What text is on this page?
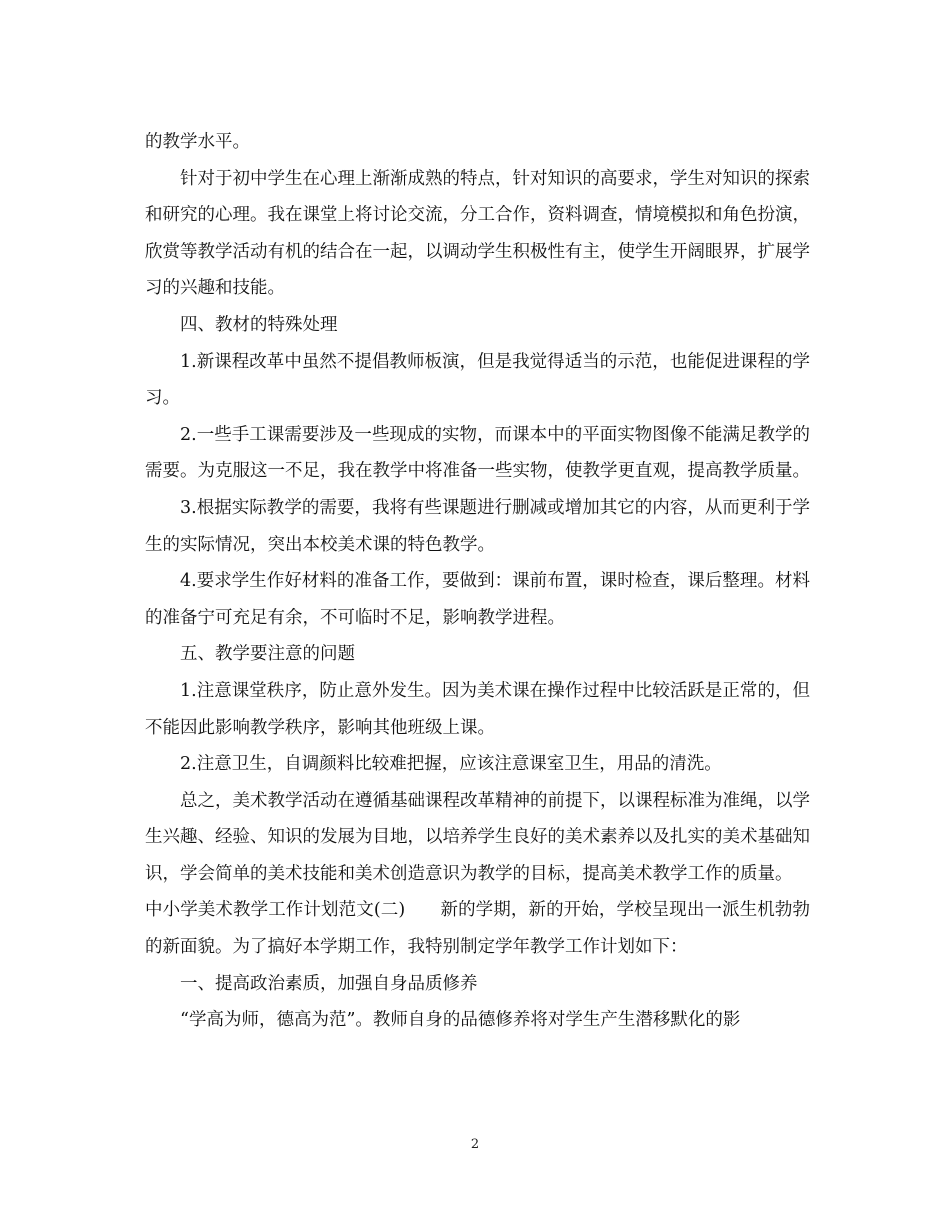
的教学水平。

针对于初中学生在心理上渐渐成熟的特点，针对知识的高要求，学生对知识的探索和研究的心理。我在课堂上将讨论交流，分工合作，资料调查，情境模拟和角色扮演，欣赏等教学活动有机的结合在一起，以调动学生积极性有主，使学生开阔眼界，扩展学习的兴趣和技能。

四、教材的特殊处理

1.新课程改革中虽然不提倡教师板演，但是我觉得适当的示范，也能促进课程的学习。

2.一些手工课需要涉及一些现成的实物，而课本中的平面实物图像不能满足教学的需要。为克服这一不足，我在教学中将准备一些实物，使教学更直观，提高教学质量。

3.根据实际教学的需要，我将有些课题进行删减或增加其它的内容，从而更利于学生的实际情况，突出本校美术课的特色教学。

4.要求学生作好材料的准备工作，要做到：课前布置，课时检查，课后整理。材料的准备宁可充足有余，不可临时不足，影响教学进程。

五、教学要注意的问题

1.注意课堂秩序，防止意外发生。因为美术课在操作过程中比较活跃是正常的，但不能因此影响教学秩序，影响其他班级上课。

2.注意卫生，自调颜料比较难把握，应该注意课室卫生，用品的清洗。

总之，美术教学活动在遵循基础课程改革精神的前提下，以课程标准为准绳，以学生兴趣、经验、知识的发展为目地，以培养学生良好的美术素养以及扎实的美术基础知识，学会简单的美术技能和美术创造意识为教学的目标，提高美术教学工作的质量。

中小学美术教学工作计划范文(二)　　新的学期，新的开始，学校呈现出一派生机勃勃的新面貌。为了搞好本学期工作，我特别制定学年教学工作计划如下：

一、提高政治素质，加强自身品质修养

“学高为师，德高为范”。教师自身的品德修养将对学生产生潜移默化的影

2
